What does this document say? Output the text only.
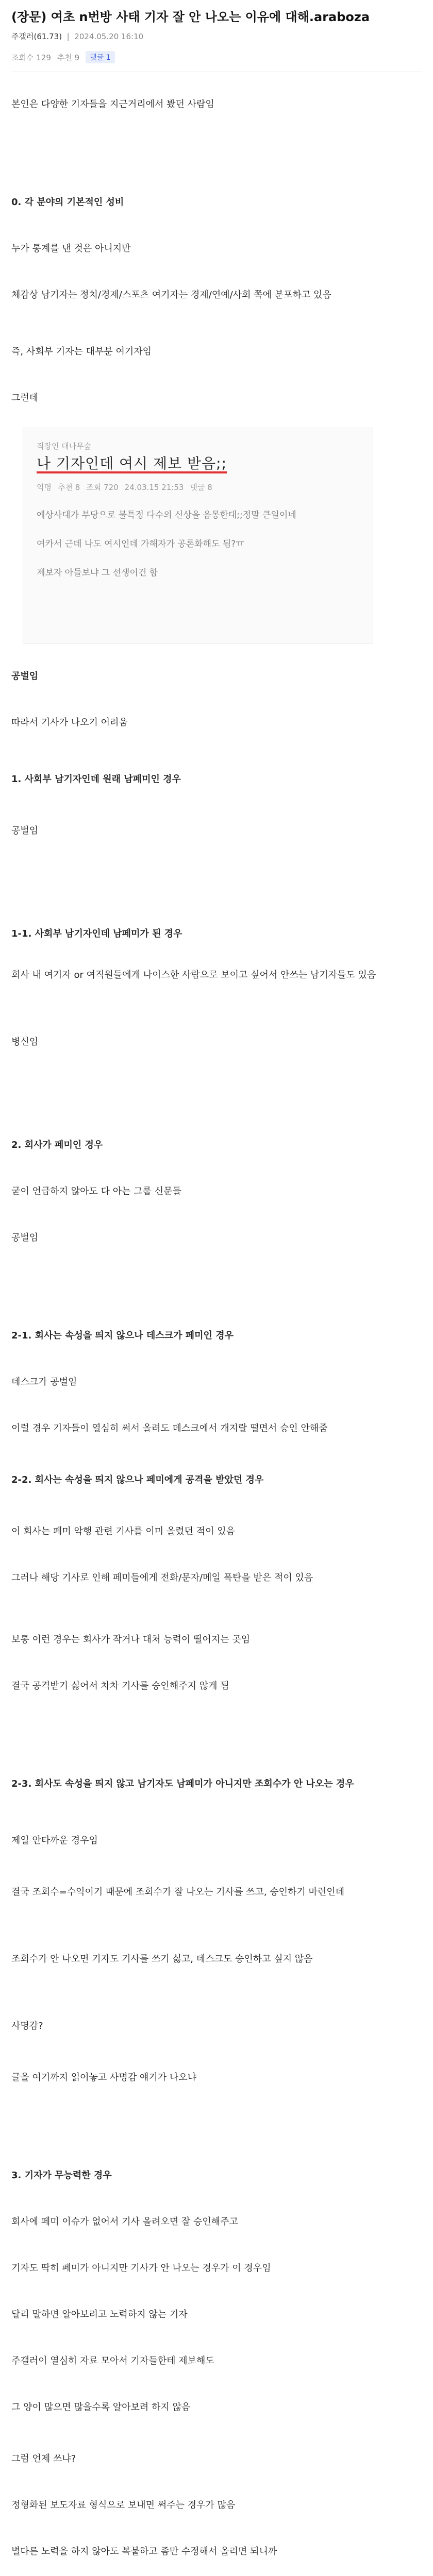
(장문) 여초 n번방 사태 기자 잘 안 나오는 이유에 대해.araboza
주갤러(61.73)  |  2024.05.20 16:10
조회수 129 추천 9	댓글 1

본인은 다양한 기자들을 지근거리에서 봤던 사람임

0. 각 분야의 기본적인 성비

누가 통계를 낸 것은 아니지만

체감상 남기자는 정치/경제/스포츠 여기자는 경제/연예/사회 쪽에 분포하고 있음

즉, 사회부 기자는 대부분 여기자임

그런데

직장인 대나무숲
나 기자인데 여시 제보 받음;;
익명 추천 8 조회 720 24.03.15 21:53 댓글 8
예상사대가 부당으로 불특정 다수의 신상을 음몽한대;;정말 큰일이네
여카서 근데 나도 여시인데 가해자가 공론화해도 됨?ㅠ
제보자 아들보냐 그 선생이건 함

공벌임

따라서 기사가 나오기 어려움

1. 사회부 남기자인데 원래 남페미인 경우

공벌임

1-1. 사회부 남기자인데 남페미가 된 경우

회사 내 여기자 or 여직원들에게 나이스한 사람으로 보이고 싶어서 안쓰는 남기자들도 있음

병신임

2. 회사가 페미인 경우

굳이 언급하지 않아도 다 아는 그룹 신문들

공벌임

2-1. 회사는 속성을 띄지 않으나 데스크가 페미인 경우

데스크가 공벌임

이럴 경우 기자들이 열심히 써서 올려도 데스크에서 개지랄 떨면서 승인 안해줌

2-2. 회사는 속성을 띄지 않으나 페미에게 공격을 받았던 경우

이 회사는 페미 악행 관련 기사를 이미 올렸던 적이 있음

그러나 해당 기사로 인해 페미들에게 전화/문자/메일 폭탄을 받은 적이 있음

보통 이런 경우는 회사가 작거나 대처 능력이 떨어지는 곳임

결국 공격받기 싫어서 차차 기사를 승인해주지 않게 됨

2-3. 회사도 속성을 띄지 않고 남기자도 남페미가 아니지만 조회수가 안 나오는 경우

제일 안타까운 경우임

결국 조회수=수익이기 때문에 조회수가 잘 나오는 기사를 쓰고, 승인하기 마련인데

조회수가 안 나오면 기자도 기사를 쓰기 싫고, 데스크도 승인하고 싶지 않음

사명감?

글을 여기까지 읽어놓고 사명감 얘기가 나오냐

3. 기자가 무능력한 경우

회사에 페미 이슈가 없어서 기사 올려오면 잘 승인해주고

기자도 딱히 페미가 아니지만 기사가 안 나오는 경우가 이 경우임

달리 말하면 알아보려고 노력하지 않는 기자

주갤러이 열심히 자료 모아서 기자들한테 제보해도

그 양이 많으면 많을수록 알아보려 하지 않음

그럼 언제 쓰냐?

정형화된 보도자료 형식으로 보내면 써주는 경우가 많음

별다른 노력을 하지 않아도 복붙하고 좀만 수정해서 올리면 되니까
